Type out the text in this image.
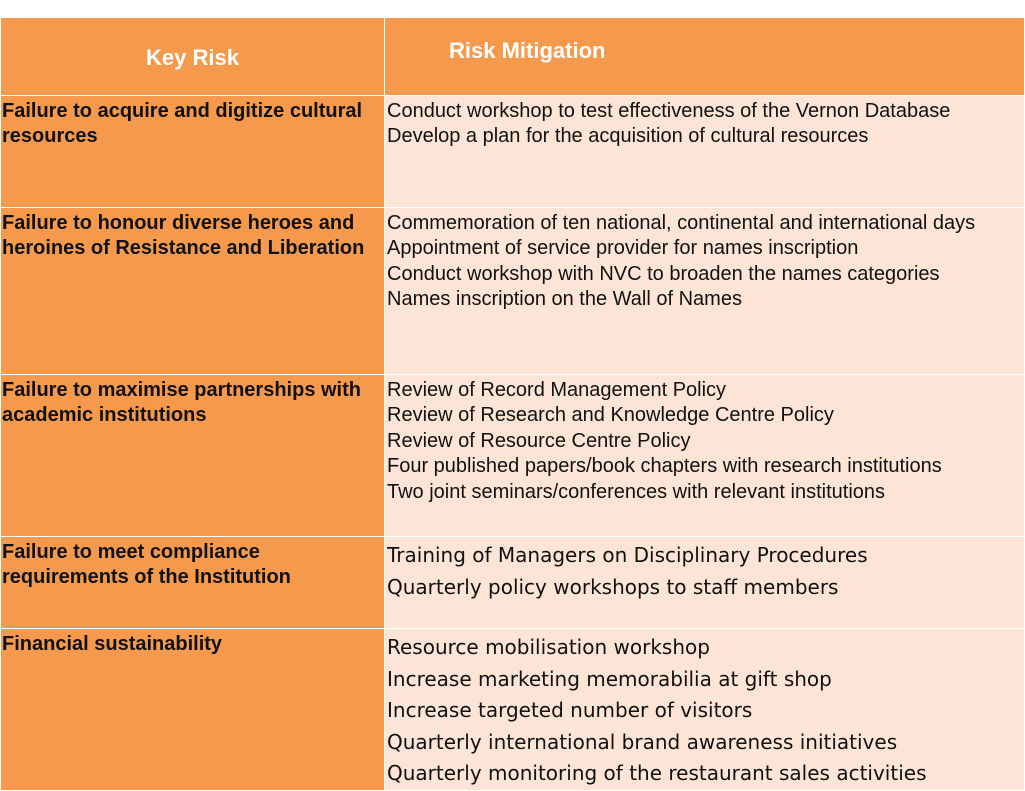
Key Risk	Risk Mitigation
Failure to acquire and digitize cultural resources	Conduct workshop to test effectiveness of the Vernon Database
Develop a plan for the acquisition of cultural resources

Failure to honour diverse heroes and heroines of Resistance and Liberation	Commemoration of ten national, continental and international days
Appointment of service provider for names inscription
Conduct workshop with NVC to broaden the names categories
Names inscription on the Wall of Names

Failure to maximise partnerships with academic institutions	Review of Record Management Policy
Review of Research and Knowledge Centre Policy
Review of Resource Centre Policy
Four published papers/book chapters with research institutions
Two joint seminars/conferences with relevant institutions

Failure to meet compliance requirements of the Institution	Training of Managers on Disciplinary Procedures
Quarterly policy workshops to staff members

Financial sustainability	Resource mobilisation workshop
Increase marketing memorabilia at gift shop
Increase targeted number of visitors
Quarterly international brand awareness initiatives
Quarterly monitoring of the restaurant sales activities
